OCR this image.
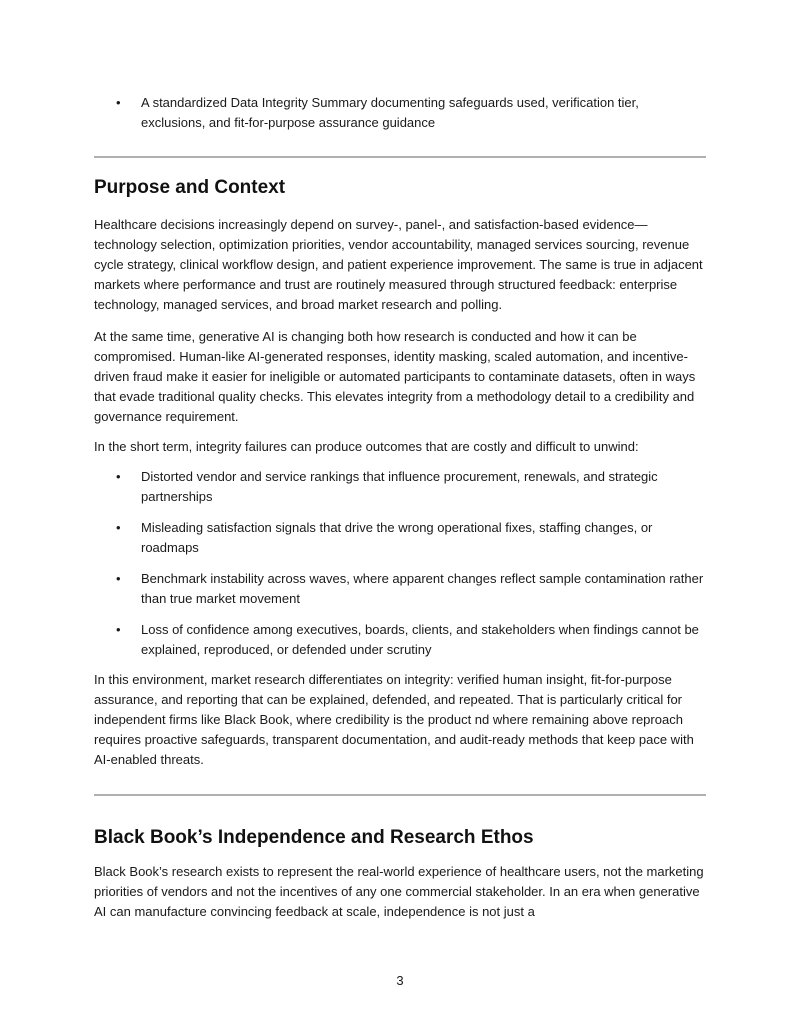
• A standardized Data Integrity Summary documenting safeguards used, verification tier, exclusions, and fit-for-purpose assurance guidance
Purpose and Context

Healthcare decisions increasingly depend on survey-, panel-, and satisfaction-based evidence—technology selection, optimization priorities, vendor accountability, managed services sourcing, revenue cycle strategy, clinical workflow design, and patient experience improvement. The same is true in adjacent markets where performance and trust are routinely measured through structured feedback: enterprise technology, managed services, and broad market research and polling.

At the same time, generative AI is changing both how research is conducted and how it can be compromised. Human-like AI-generated responses, identity masking, scaled automation, and incentive-driven fraud make it easier for ineligible or automated participants to contaminate datasets, often in ways that evade traditional quality checks. This elevates integrity from a methodology detail to a credibility and governance requirement.

In the short term, integrity failures can produce outcomes that are costly and difficult to unwind:

• Distorted vendor and service rankings that influence procurement, renewals, and strategic partnerships
• Misleading satisfaction signals that drive the wrong operational fixes, staffing changes, or roadmaps
• Benchmark instability across waves, where apparent changes reflect sample contamination rather than true market movement
• Loss of confidence among executives, boards, clients, and stakeholders when findings cannot be explained, reproduced, or defended under scrutiny

In this environment, market research differentiates on integrity: verified human insight, fit-for-purpose assurance, and reporting that can be explained, defended, and repeated. That is particularly critical for independent firms like Black Book, where credibility is the product nd where remaining above reproach requires proactive safeguards, transparent documentation, and audit-ready methods that keep pace with AI-enabled threats.

Black Book’s Independence and Research Ethos

Black Book’s research exists to represent the real-world experience of healthcare users, not the marketing priorities of vendors and not the incentives of any one commercial stakeholder. In an era when generative AI can manufacture convincing feedback at scale, independence is not just a

3
